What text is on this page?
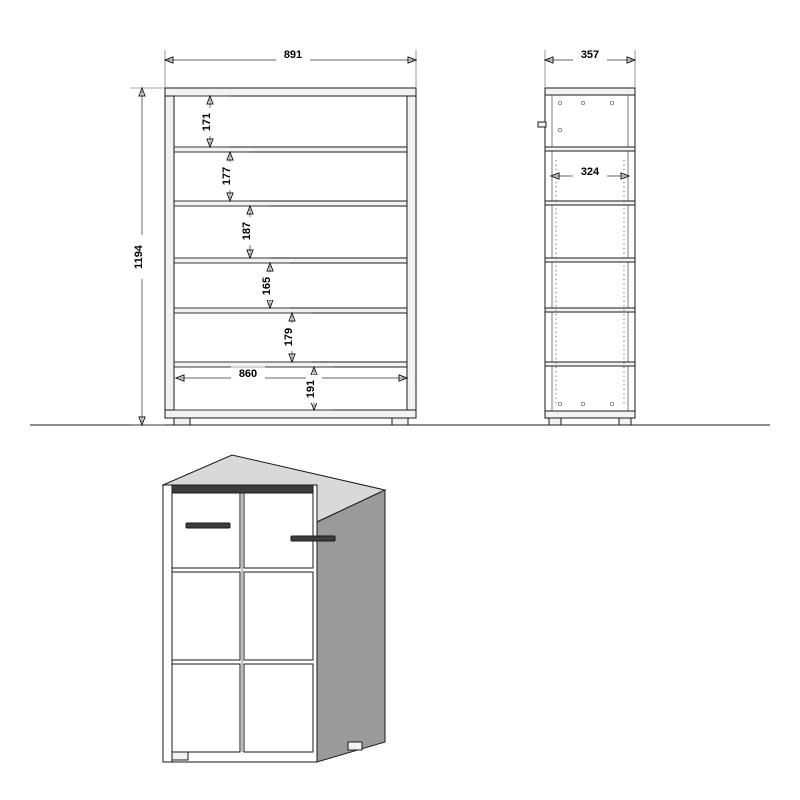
891
1194
860
171
177
187
165
179
191
357
324
